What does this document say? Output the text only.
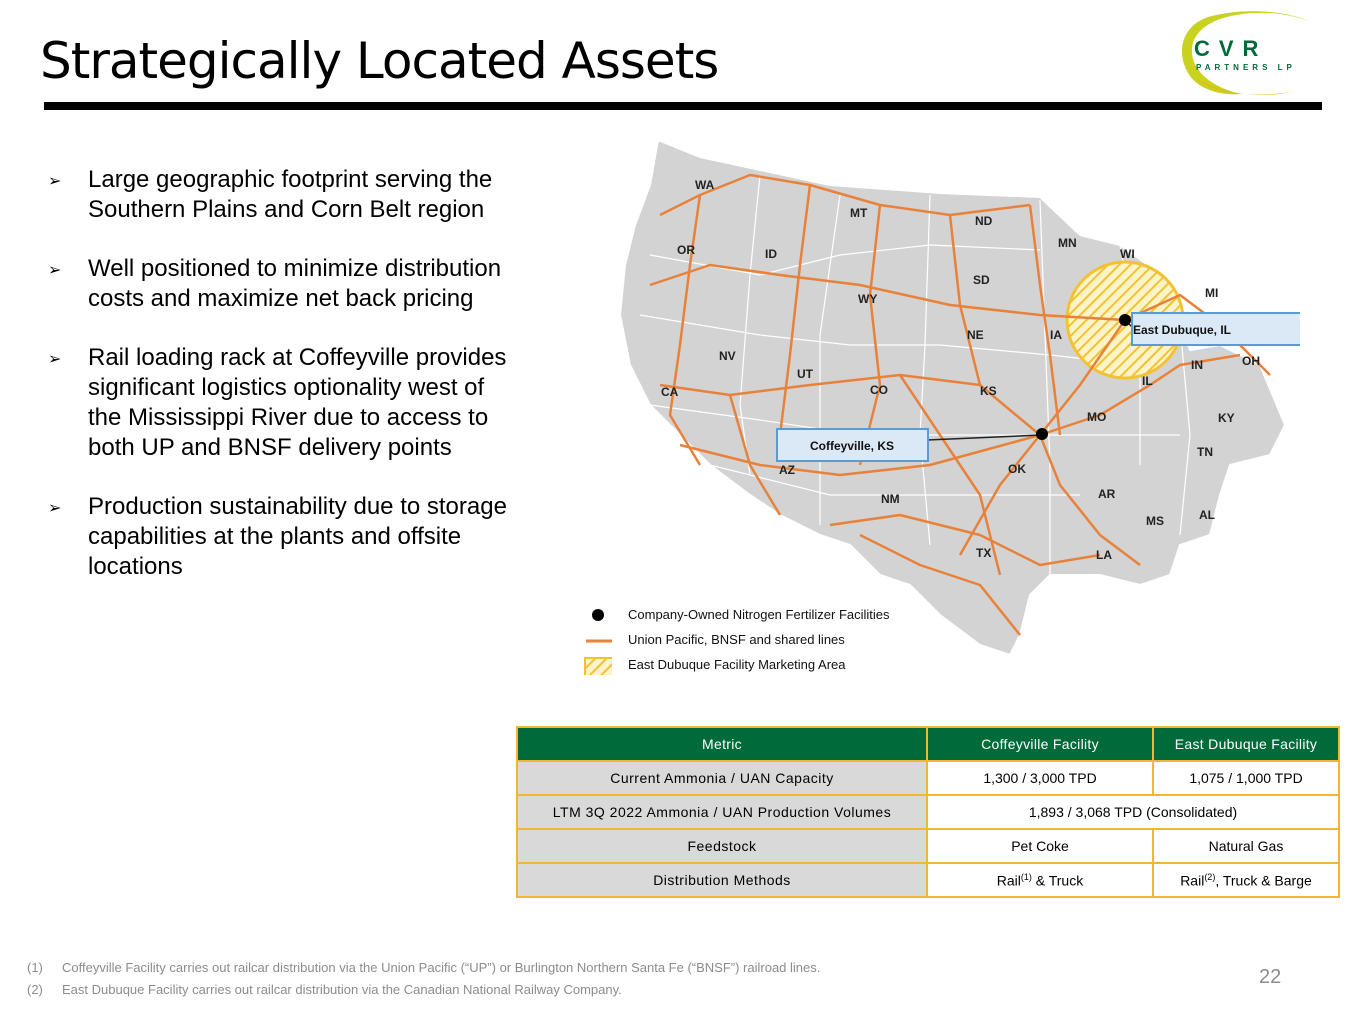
Strategically Located Assets	CVR
PARTNERS LP
➢ Large geographic footprint serving the Southern Plains and Corn Belt region
➢ Well positioned to minimize distribution costs and maximize net back pricing
➢ Rail loading rack at Coffeyville provides significant logistics optionality west of the Mississippi River due to access to both UP and BNSF delivery points
➢ Production sustainability due to storage capabilities at the plants and offsite locations
WA
MT
ND
MN
WI
MI
OR	ID
SD
WY
NE	IA
IL
IN	OH
NV
UT
CO	KS
MO	KY
CA
AZ
NM
OK
TN
AR
MS	AL
TX	LA
Coffeyville, KS
East Dubuque, IL
Company-Owned Nitrogen Fertilizer Facilities
Union Pacific, BNSF and shared lines
East Dubuque Facility Marketing Area
Metric	Coffeyville Facility	East Dubuque Facility
Current Ammonia / UAN Capacity	1,300 / 3,000 TPD	1,075 / 1,000 TPD
LTM 3Q 2022 Ammonia / UAN Production Volumes	1,893 / 3,068 TPD (Consolidated)	
Feedstock	Pet Coke	Natural Gas
Distribution Methods	Rail$^{(1)}$ & Truck	Rail$^{(2)}$, Truck & Barge
(1) Coffeyville Facility carries out railcar distribution via the Union Pacific (“UP”) or Burlington Northern Santa Fe (“BNSF”) railroad lines.
(2) East Dubuque Facility carries out railcar distribution via the Canadian National Railway Company.
22
